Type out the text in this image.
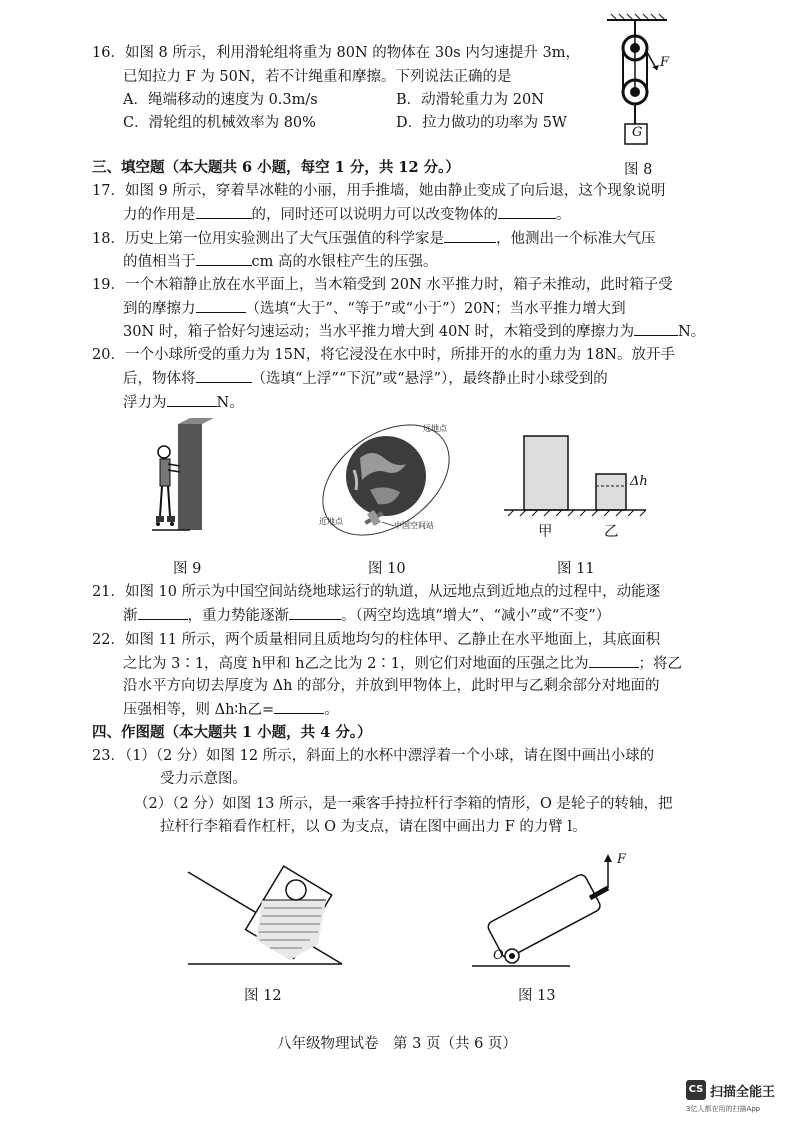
16．如图 8 所示，利用滑轮组将重为 80N 的物体在 30s 内匀速提升 3m，
已知拉力 F 为 50N，若不计绳重和摩擦。下列说法正确的是
A．绳端移动的速度为 0.3m/s	B．动滑轮重力为 20N
C．滑轮组的机械效率为 80%	D．拉力做功的功率为 5W
F
G
图 8
三、填空题（本大题共 6 小题，每空 1 分，共 12 分。）
17．如图 9 所示，穿着旱冰鞋的小丽，用手推墙，她由静止变成了向后退，这个现象说明
力的作用是	的，同时还可以说明力可以改变物体的	。
18．历史上第一位用实验测出了大气压强值的科学家是	，他测出一个标准大气压
的值相当于	cm 高的水银柱产生的压强。
19．一个木箱静止放在水平面上，当木箱受到 20N 水平推力时，箱子未推动，此时箱子受
到的摩擦力	（选填“大于”、“等于”或“小于”）20N；当水平推力增大到
30N 时，箱子恰好匀速运动；当水平推力增大到 40N 时，木箱受到的摩擦力为	N。
20．一个小球所受的重力为 15N，将它浸没在水中时，所排开的水的重力为 18N。放开手
后，物体将	（选填“上浮”“下沉”或“悬浮”），最终静止时小球受到的
浮力为	N。
图 9
远地点
近地点	中国空间站
图 10
Δh
甲	乙
图 11
21．如图 10 所示为中国空间站绕地球运行的轨道，从远地点到近地点的过程中，动能逐
渐	，重力势能逐渐	。（两空均选填“增大”、“减小”或“不变”）
22．如图 11 所示，两个质量相同且质地均匀的柱体甲、乙静止在水平地面上，其底面积
之比为 3∶1，高度 h甲和 h乙之比为 2∶1，则它们对地面的压强之比为	；将乙
沿水平方向切去厚度为 Δh 的部分，并放到甲物体上，此时甲与乙剩余部分对地面的
压强相等，则 Δh∶h乙=	。
四、作图题（本大题共 1 小题，共 4 分。）
23．（1）（2 分）如图 12 所示，斜面上的水杯中漂浮着一个小球，请在图中画出小球的
受力示意图。
（2）（2 分）如图 13 所示，是一乘客手持拉杆行李箱的情形，O 是轮子的转轴，把
拉杆行李箱看作杠杆，以 O 为支点，请在图中画出力 F 的力臂 l。
图 12
F
O
图 13
八年级物理试卷　第 3 页（共 6 页）
CS 扫描全能王
3亿人都在用的扫描App
